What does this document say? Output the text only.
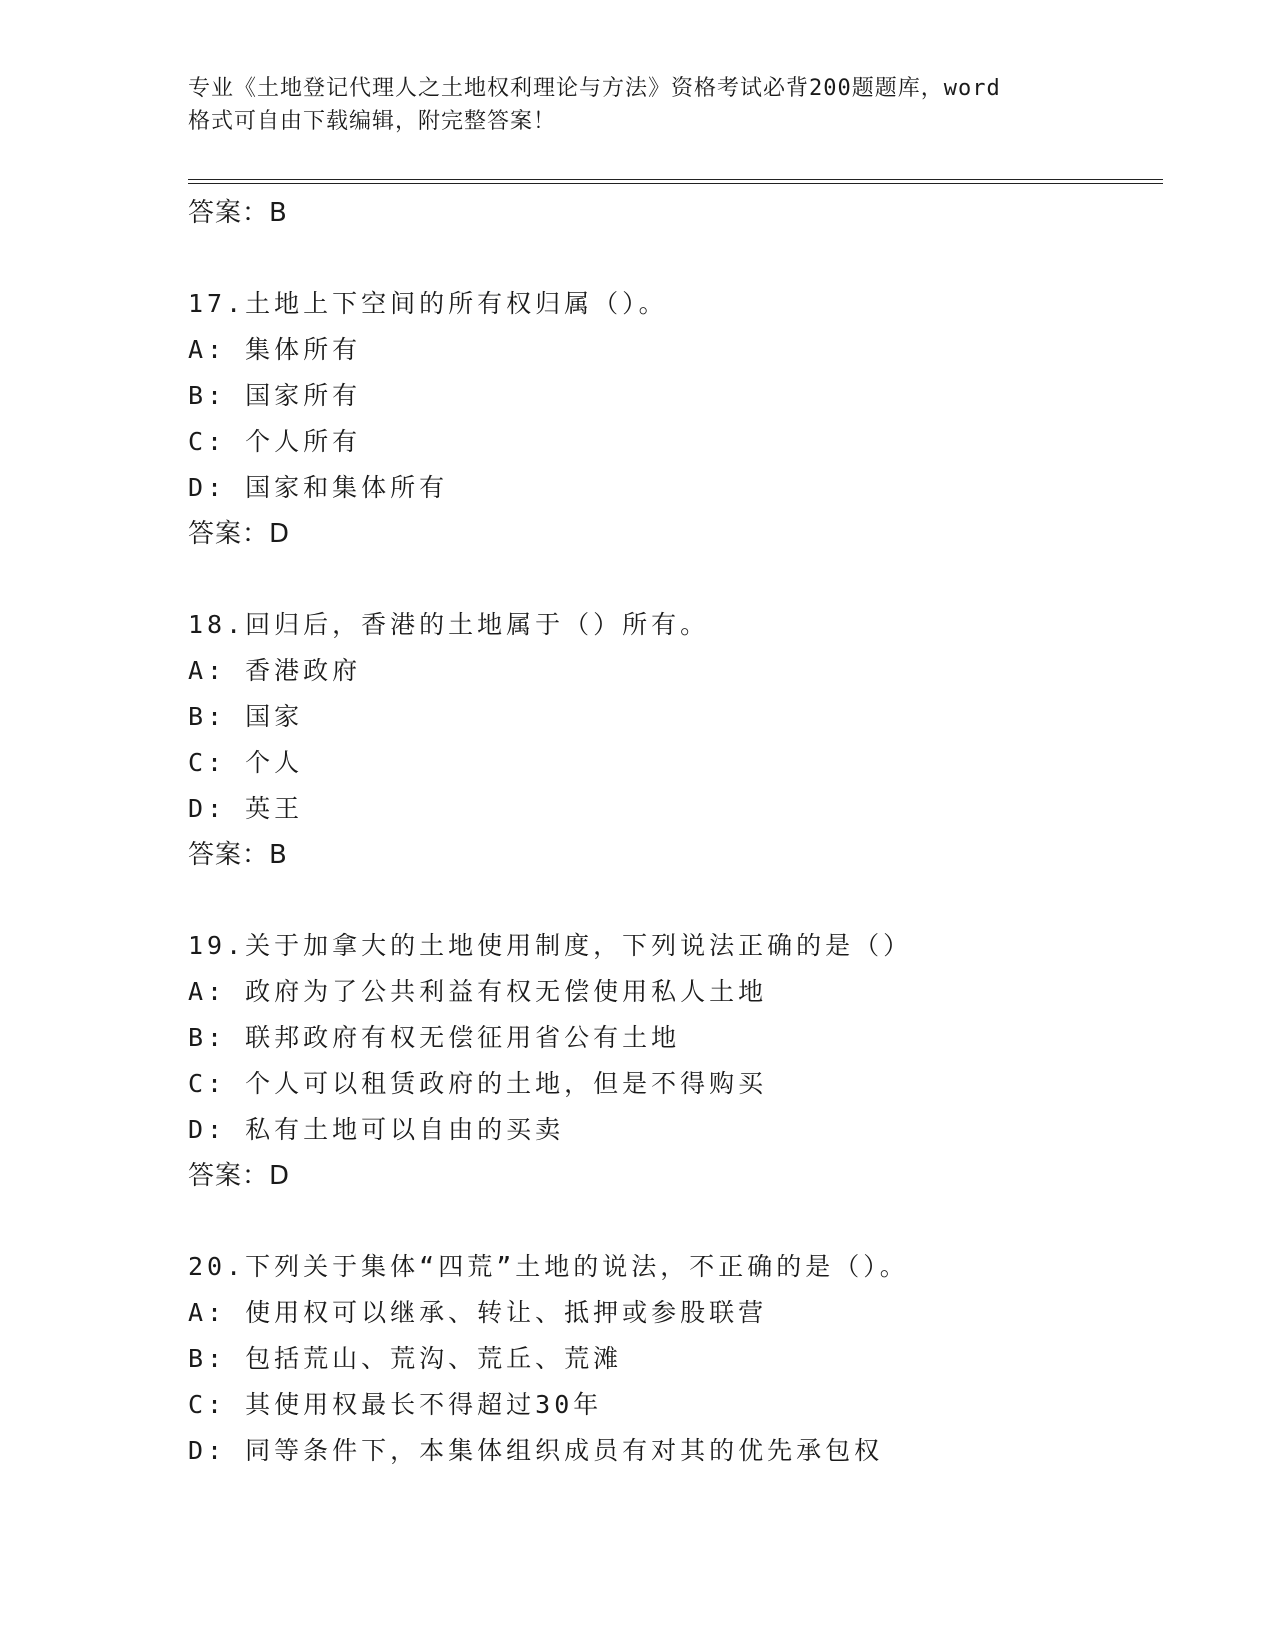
专业《土地登记代理人之土地权利理论与方法》资格考试必背200题题库，word
格式可自由下载编辑，附完整答案！
答案：B
17.土地上下空间的所有权归属（）。
A: 集体所有
B: 国家所有
C: 个人所有
D: 国家和集体所有
答案：D
18.回归后，香港的土地属于（）所有。
A: 香港政府
B: 国家
C: 个人
D: 英王
答案：B
19.关于加拿大的土地使用制度，下列说法正确的是（）
A: 政府为了公共利益有权无偿使用私人土地
B: 联邦政府有权无偿征用省公有土地
C: 个人可以租赁政府的土地，但是不得购买
D: 私有土地可以自由的买卖
答案：D
20.下列关于集体“四荒”土地的说法，不正确的是（）。
A: 使用权可以继承、转让、抵押或参股联营
B: 包括荒山、荒沟、荒丘、荒滩
C: 其使用权最长不得超过30年
D: 同等条件下，本集体组织成员有对其的优先承包权
